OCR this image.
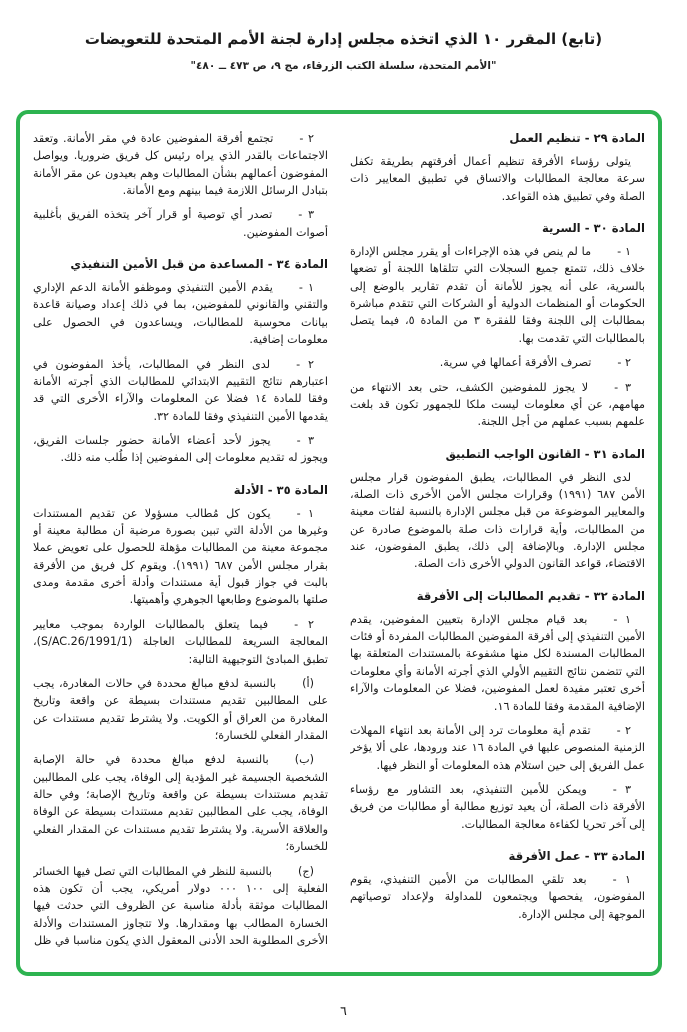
(تابع) المقرر ١٠ الذي اتخذه مجلس إدارة لجنة الأمم المتحدة للتعويضات
"الأمم المتحدة، سلسلة الكتب الزرقاء، مج ٩، ص ٤٧٣ ــ ٤٨٠"
المادة ٢٩ - تنظيم العمل
يتولى رؤساء الأفرقة تنظيم أعمال أفرقتهم بطريقة تكفل سرعة معالجة المطالبات والاتساق في تطبيق المعايير ذات الصلة وفي تطبيق هذه القواعد.
المادة ٣٠ - السرية
١ -ما لم ينص في هذه الإجراءات أو يقرر مجلس الإدارة خلاف ذلك، تتمتع جميع السجلات التي تتلقاها اللجنة أو تضعها بالسرية، على أنه يجوز للأمانة أن تقدم تقارير بالوضع إلى الحكومات أو المنظمات الدولية أو الشركات التي تتقدم مباشرة بمطالبات إلى اللجنة وفقا للفقرة ٣ من المادة ٥، فيما يتصل بالمطالبات التي تقدمت بها.
٢ -تصرف الأفرقة أعمالها في سرية.
٣ -لا يجوز للمفوضين الكشف، حتى بعد الانتهاء من مهامهم، عن أي معلومات ليست ملكا للجمهور تكون قد بلغت علمهم بسبب عملهم من أجل اللجنة.
المادة ٣١ - القانون الواجب التطبيق
لدى النظر في المطالبات، يطبق المفوضون قرار مجلس الأمن ٦٨٧ (١٩٩١) وقرارات مجلس الأمن الأخرى ذات الصلة، والمعايير الموضوعة من قبل مجلس الإدارة بالنسبة لفئات معينة من المطالبات، وأية قرارات ذات صلة بالموضوع صادرة عن مجلس الإدارة. وبالإضافة إلى ذلك، يطبق المفوضون، عند الاقتضاء، قواعد القانون الدولي الأخرى ذات الصلة.
المادة ٣٢ - تقديم المطالبات إلى الأفرقة
١ -بعد قيام مجلس الإدارة بتعيين المفوضين، يقدم الأمين التنفيذي إلى أفرقة المفوضين المطالبات المفردة أو فئات المطالبات المسندة لكل منها مشفوعة بالمستندات المتعلقة بها التي تتضمن نتائج التقييم الأولي الذي أجرته الأمانة وأي معلومات أخرى تعتبر مفيدة لعمل المفوضين، فضلا عن المعلومات والآراء الإضافية المقدمة وفقا للمادة ١٦.
٢ -تقدم أية معلومات ترد إلى الأمانة بعد انتهاء المهلات الزمنية المنصوص عليها في المادة ١٦ عند ورودها، على ألا يؤخر عمل الفريق إلى حين استلام هذه المعلومات أو النظر فيها.
٣ -ويمكن للأمين التنفيذي، بعد التشاور مع رؤساء الأفرقة ذات الصلة، أن يعيد توزيع مطالبة أو مطالبات من فريق إلى آخر تحريا لكفاءة معالجة المطالبات.
المادة ٣٣ - عمل الأفرقة
١ -بعد تلقي المطالبات من الأمين التنفيذي، يقوم المفوضون، يفحصها ويجتمعون للمداولة ولإعداد توصياتهم الموجهة إلى مجلس الإدارة.
٢ -تجتمع أفرقة المفوضين عادة في مقر الأمانة. وتعقد الاجتماعات بالقدر الذي يراه رئيس كل فريق ضروريا. ويواصل المفوضون أعمالهم بشأن المطالبات وهم بعيدون عن مقر الأمانة بتبادل الرسائل اللازمة فيما بينهم ومع الأمانة.
٣ -تصدر أي توصية أو قرار آخر يتخذه الفريق بأغلبية أصوات المفوضين.
المادة ٣٤ - المساعدة من قبل الأمين التنفيذي
١ -يقدم الأمين التنفيذي وموظفو الأمانة الدعم الإداري والتقني والقانوني للمفوضين، بما في ذلك إعداد وصيانة قاعدة بيانات محوسبة للمطالبات، ويساعدون في الحصول على معلومات إضافية.
٢ -لدى النظر في المطالبات، يأخذ المفوضون في اعتبارهم نتائج التقييم الابتدائي للمطالبات الذي أجرته الأمانة وفقا للمادة ١٤ فضلا عن المعلومات والآراء الأخرى التي قد يقدمها الأمين التنفيذي وفقا للمادة ٣٢.
٣ -يجوز لأحد أعضاء الأمانة حضور جلسات الفريق، ويجوز له تقديم معلومات إلى المفوضين إذا طُلب منه ذلك.
المادة ٣٥ - الأدلة
١ -يكون كل مُطالب مسؤولا عن تقديم المستندات وغيرها من الأدلة التي تبين بصورة مرضية أن مطالبة معينة أو مجموعة معينة من المطالبات مؤهلة للحصول على تعويض عملا بقرار مجلس الأمن ٦٨٧ (١٩٩١). ويقوم كل فريق من الأفرقة بالبت في جواز قبول أية مستندات وأدلة أخرى مقدمة ومدى صلتها بالموضوع وطابعها الجوهري وأهميتها.
٢ -فيما يتعلق بالمطالبات الواردة بموجب معايير المعالجة السريعة للمطالبات العاجلة (S/AC.26/1991/1)، تطبق المبادئ التوجيهية التالية:
(أ)بالنسبة لدفع مبالغ محددة في حالات المغادرة، يجب على المطالبين تقديم مستندات بسيطة عن واقعة وتاريخ المغادرة من العراق أو الكويت. ولا يشترط تقديم مستندات عن المقدار الفعلي للخسارة؛
(ب)بالنسبة لدفع مبالغ محددة في حالة الإصابة الشخصية الجسيمة غير المؤدية إلى الوفاة، يجب على المطالبين تقديم مستندات بسيطة عن واقعة وتاريخ الإصابة؛ وفي حالة الوفاة، يجب على المطالبين تقديم مستندات بسيطة عن الوفاة والعلاقة الأسرية. ولا يشترط تقديم مستندات عن المقدار الفعلي للخسارة؛
(ج)بالنسبة للنظر في المطالبات التي تصل فيها الخسائر الفعلية إلى ١٠٠ ٠٠٠ دولار أمريكي، يجب أن تكون هذه المطالبات موثقة بأدلة مناسبة عن الظروف التي حدثت فيها الخسارة المطالب بها ومقدارها. ولا تتجاوز المستندات والأدلة الأخرى المطلوبة الحد الأدنى المعقول الذي يكون مناسبا في ظل
٦
